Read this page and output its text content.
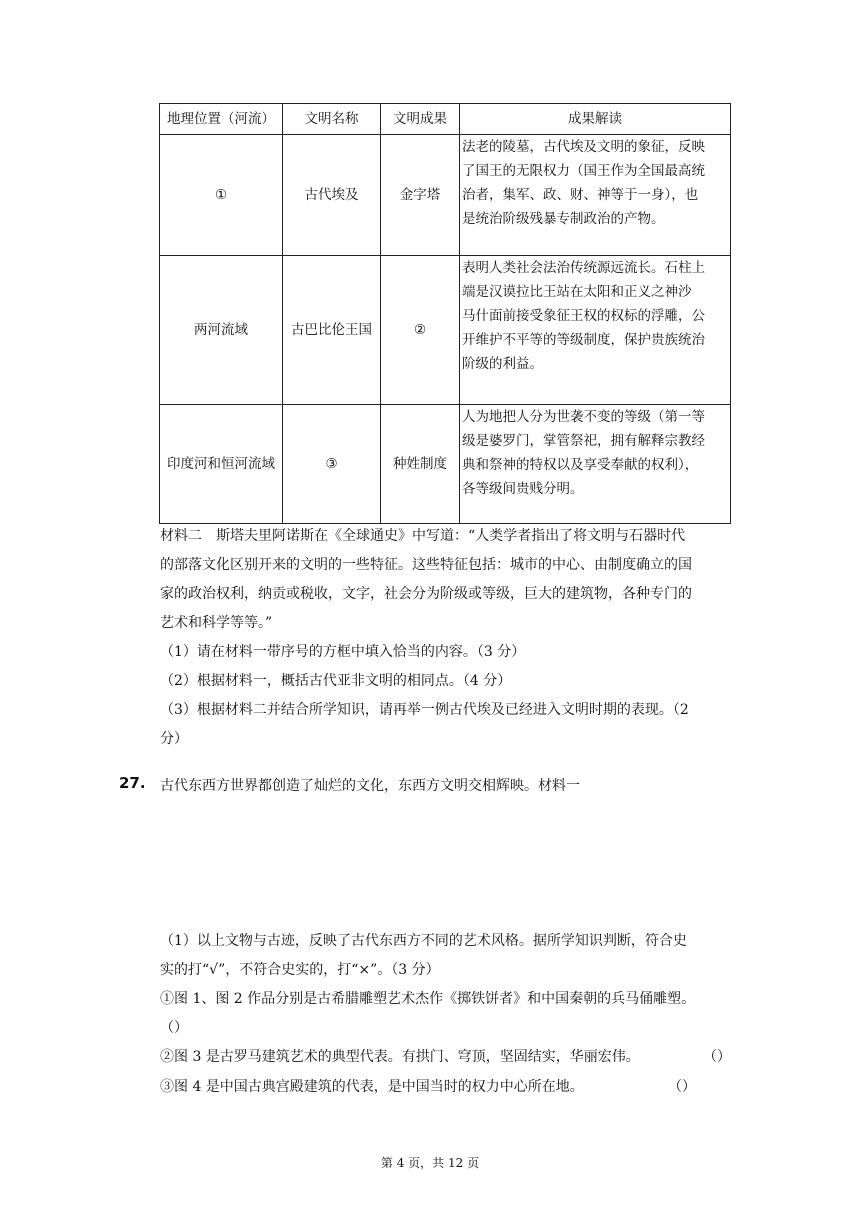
地理位置（河流）	文明名称	文明成果	成果解读
①	古代埃及	金字塔	法老的陵墓，古代埃及文明的象征，反映
了国王的无限权力（国王作为全国最高统
治者，集军、政、财、神等于一身），也
是统治阶级残暴专制政治的产物。

两河流域	古巴比伦王国	②	表明人类社会法治传统源远流长。石柱上
端是汉谟拉比王站在太阳和正义之神沙
马什面前接受象征王权的权标的浮雕，公
开维护不平等的等级制度，保护贵族统治
阶级的利益。

印度河和恒河流域	③	种姓制度	人为地把人分为世袭不变的等级（第一等
级是婆罗门，掌管祭祀，拥有解释宗教经
典和祭神的特权以及享受奉献的权利），
各等级间贵贱分明。
材料二　斯塔夫里阿诺斯在《全球通史》中写道：“人类学者指出了将文明与石器时代
的部落文化区别开来的文明的一些特征。这些特征包括：城市的中心、由制度确立的国
家的政治权利，纳贡或税收，文字，社会分为阶级或等级，巨大的建筑物，各种专门的
艺术和科学等等。”
（1）请在材料一带序号的方框中填入恰当的内容。（3 分）
（2）根据材料一，概括古代亚非文明的相同点。（4 分）
（3）根据材料二并结合所学知识，请再举一例古代埃及已经进入文明时期的表现。（2
分）
27. 古代东西方世界都创造了灿烂的文化，东西方文明交相辉映。材料一
（1）以上文物与古迹，反映了古代东西方不同的艺术风格。据所学知识判断，符合史
实的打“√”，不符合史实的，打“×”。（3 分）
①图 1、图 2 作品分别是古希腊雕塑艺术杰作《掷铁饼者》和中国秦朝的兵马俑雕塑。
（）
②图 3 是古罗马建筑艺术的典型代表。有拱门、穹顶，坚固结实，华丽宏伟。	（）
③图 4 是中国古典宫殿建筑的代表，是中国当时的权力中心所在地。	（）
第 4 页，共 12 页
